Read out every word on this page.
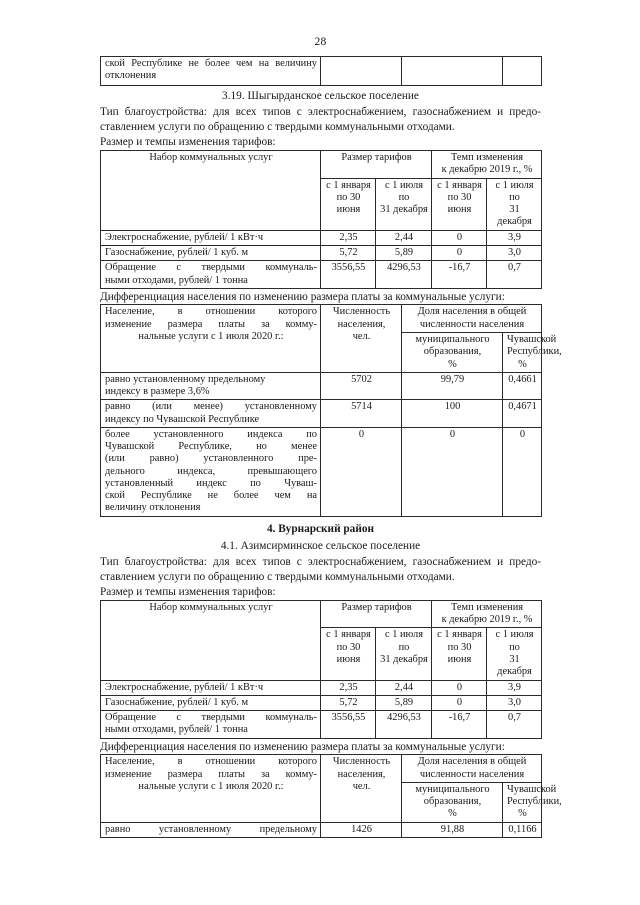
28
ской Республике не более чем на величину отклонения			
3.19. Шыгырданское сельское поселение

Тип благоустройства: для всех типов с электроснабжением, газоснабжением и предо- ставлением услуги по обращению с твердыми коммунальными отходами.

Размер и темпы изменения тарифов:

Набор коммунальных услуг	Размер тарифов		Темп изменения
к декабрю 2019 г., %	

	с 1 января
по 30 июня	с 1 июля по
31 декабря	с 1 января
по 30 июня	с 1 июля по
31 декабря

Электроснабжение, рублей/ 1 кВт·ч	2,35	2,44	0	3,9
Газоснабжение, рублей/ 1 куб. м	5,72	5,89	0	3,0

Обращение с твердыми коммуналь-
ными отходами, рублей/ 1 тонна	3556,55	4296,53	-16,7	0,7

Дифференциация населения по изменению размера платы за коммунальные услуги:

Население, в отношении которого
изменение размера платы за комму-
нальные услуги с 1 июля 2020 г.:	Численность
населения,
чел.	Доля населения в общей
численности населения	

		муниципального
образования,
%	Чувашской
Республики,
%

равно установленному предельному
индексу в размере 3,6%	5702	99,79	0,4661

равно (или менее) установленному
индексу по Чувашской Республике	5714	100	0,4671

более установленного индекса по
Чувашской Республике, но менее
(или равно) установленного пре-
дельного индекса, превышающего
установленный индекс по Чуваш-
ской Республике не более чем на
величину отклонения
	0	0	0
4. Вурнарский район
4.1. Азимсирминское сельское поселение

Тип благоустройства: для всех типов с электроснабжением, газоснабжением и предо- ставлением услуги по обращению с твердыми коммунальными отходами.

Размер и темпы изменения тарифов:

Набор коммунальных услуг	Размер тарифов		Темп изменения
к декабрю 2019 г., %	

	с 1 января
по 30 июня	с 1 июля по
31 декабря	с 1 января
по 30 июня	с 1 июля по
31 декабря

Электроснабжение, рублей/ 1 кВт·ч	2,35	2,44	0	3,9
Газоснабжение, рублей/ 1 куб. м	5,72	5,89	0	3,0

Обращение с твердыми коммуналь-
ными отходами, рублей/ 1 тонна	3556,55	4296,53	-16,7	0,7

Дифференциация населения по изменению размера платы за коммунальные услуги:

Население, в отношении которого
изменение размера платы за комму-
нальные услуги с 1 июля 2020 г.:	Численность
населения,
чел.	Доля населения в общей
численности населения	

		муниципального
образования,
%	Чувашской
Республики,
%

равно установленному предельному	1426	91,88	0,1166
